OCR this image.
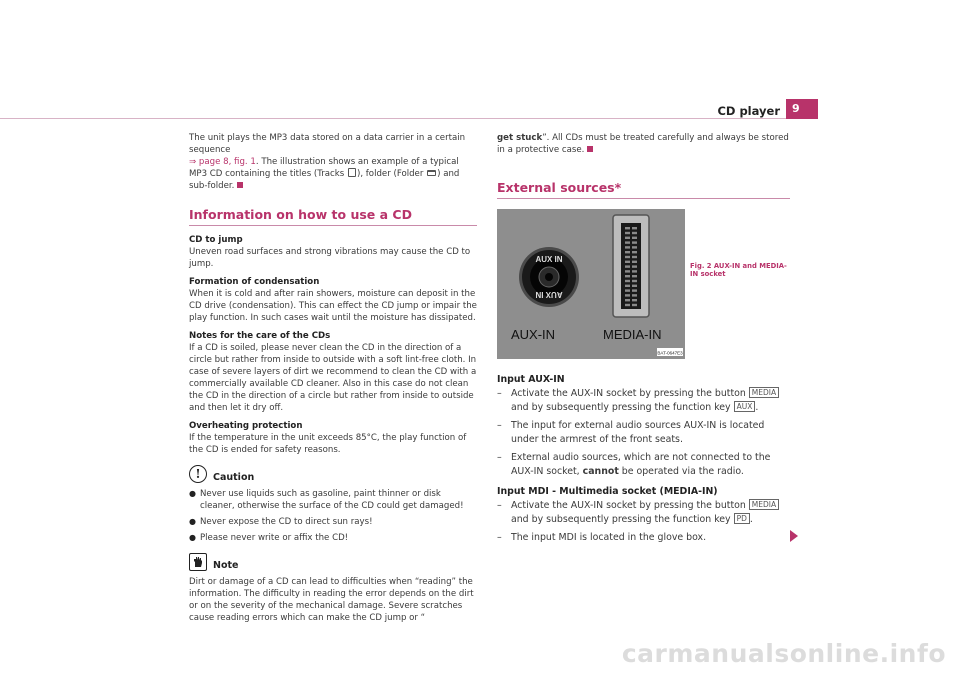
CD player	9

The unit plays the MP3 data stored on a data carrier in a certain sequence
⇒ page 8, fig. 1. The illustration shows an example of a typical MP3 CD containing the titles (Tracks ), folder (Folder ) and sub-folder.

Information on how to use a CD

CD to jump

Uneven road surfaces and strong vibrations may cause the CD to jump.

Formation of condensation

When it is cold and after rain showers, moisture can deposit in the CD drive (condensation). This can effect the CD jump or impair the play function. In such cases wait until the moisture has dissipated.

Notes for the care of the CDs

If a CD is soiled, please never clean the CD in the direction of a circle but rather from inside to outside with a soft lint-free cloth. In case of severe layers of dirt we recommend to clean the CD with a commercially available CD cleaner. Also in this case do not clean the CD in the direction of a circle but rather from inside to outside and then let it dry off.

Overheating protection

If the temperature in the unit exceeds 85°C, the play function of the CD is ended for safety reasons.

!	Caution
● Never use liquids such as gasoline, paint thinner or disk cleaner, otherwise the surface of the CD could get damaged!
● Never expose the CD to direct sun rays!
● Please never write or affix the CD!
Note

Dirt or damage of a CD can lead to difficulties when “reading” the information. The difficulty in reading the error depends on the dirt or on the severity of the mechanical damage. Severe scratches cause reading errors which can make the CD jump or “

get stuck”. All CDs must be treated carefully and always be stored in a protective case.

External sources*
AUX IN
AUX IN
AUX-IN	MEDIA-IN
BAT-0647E3
Fig. 2 AUX-IN and MEDIA-IN socket

Input AUX-IN

– Activate the AUX-IN socket by pressing the button MEDIA and by subsequently pressing the function key AUX .
– The input for external audio sources AUX-IN is located under the armrest of the front seats.
– External audio sources, which are not connected to the AUX-IN socket, cannot be operated via the radio.

Input MDI - Multimedia socket (MEDIA-IN)

– Activate the AUX-IN socket by pressing the button MEDIA and by subsequently pressing the function key PD .
– The input MDI is located in the glove box.
carmanualsonline.info
